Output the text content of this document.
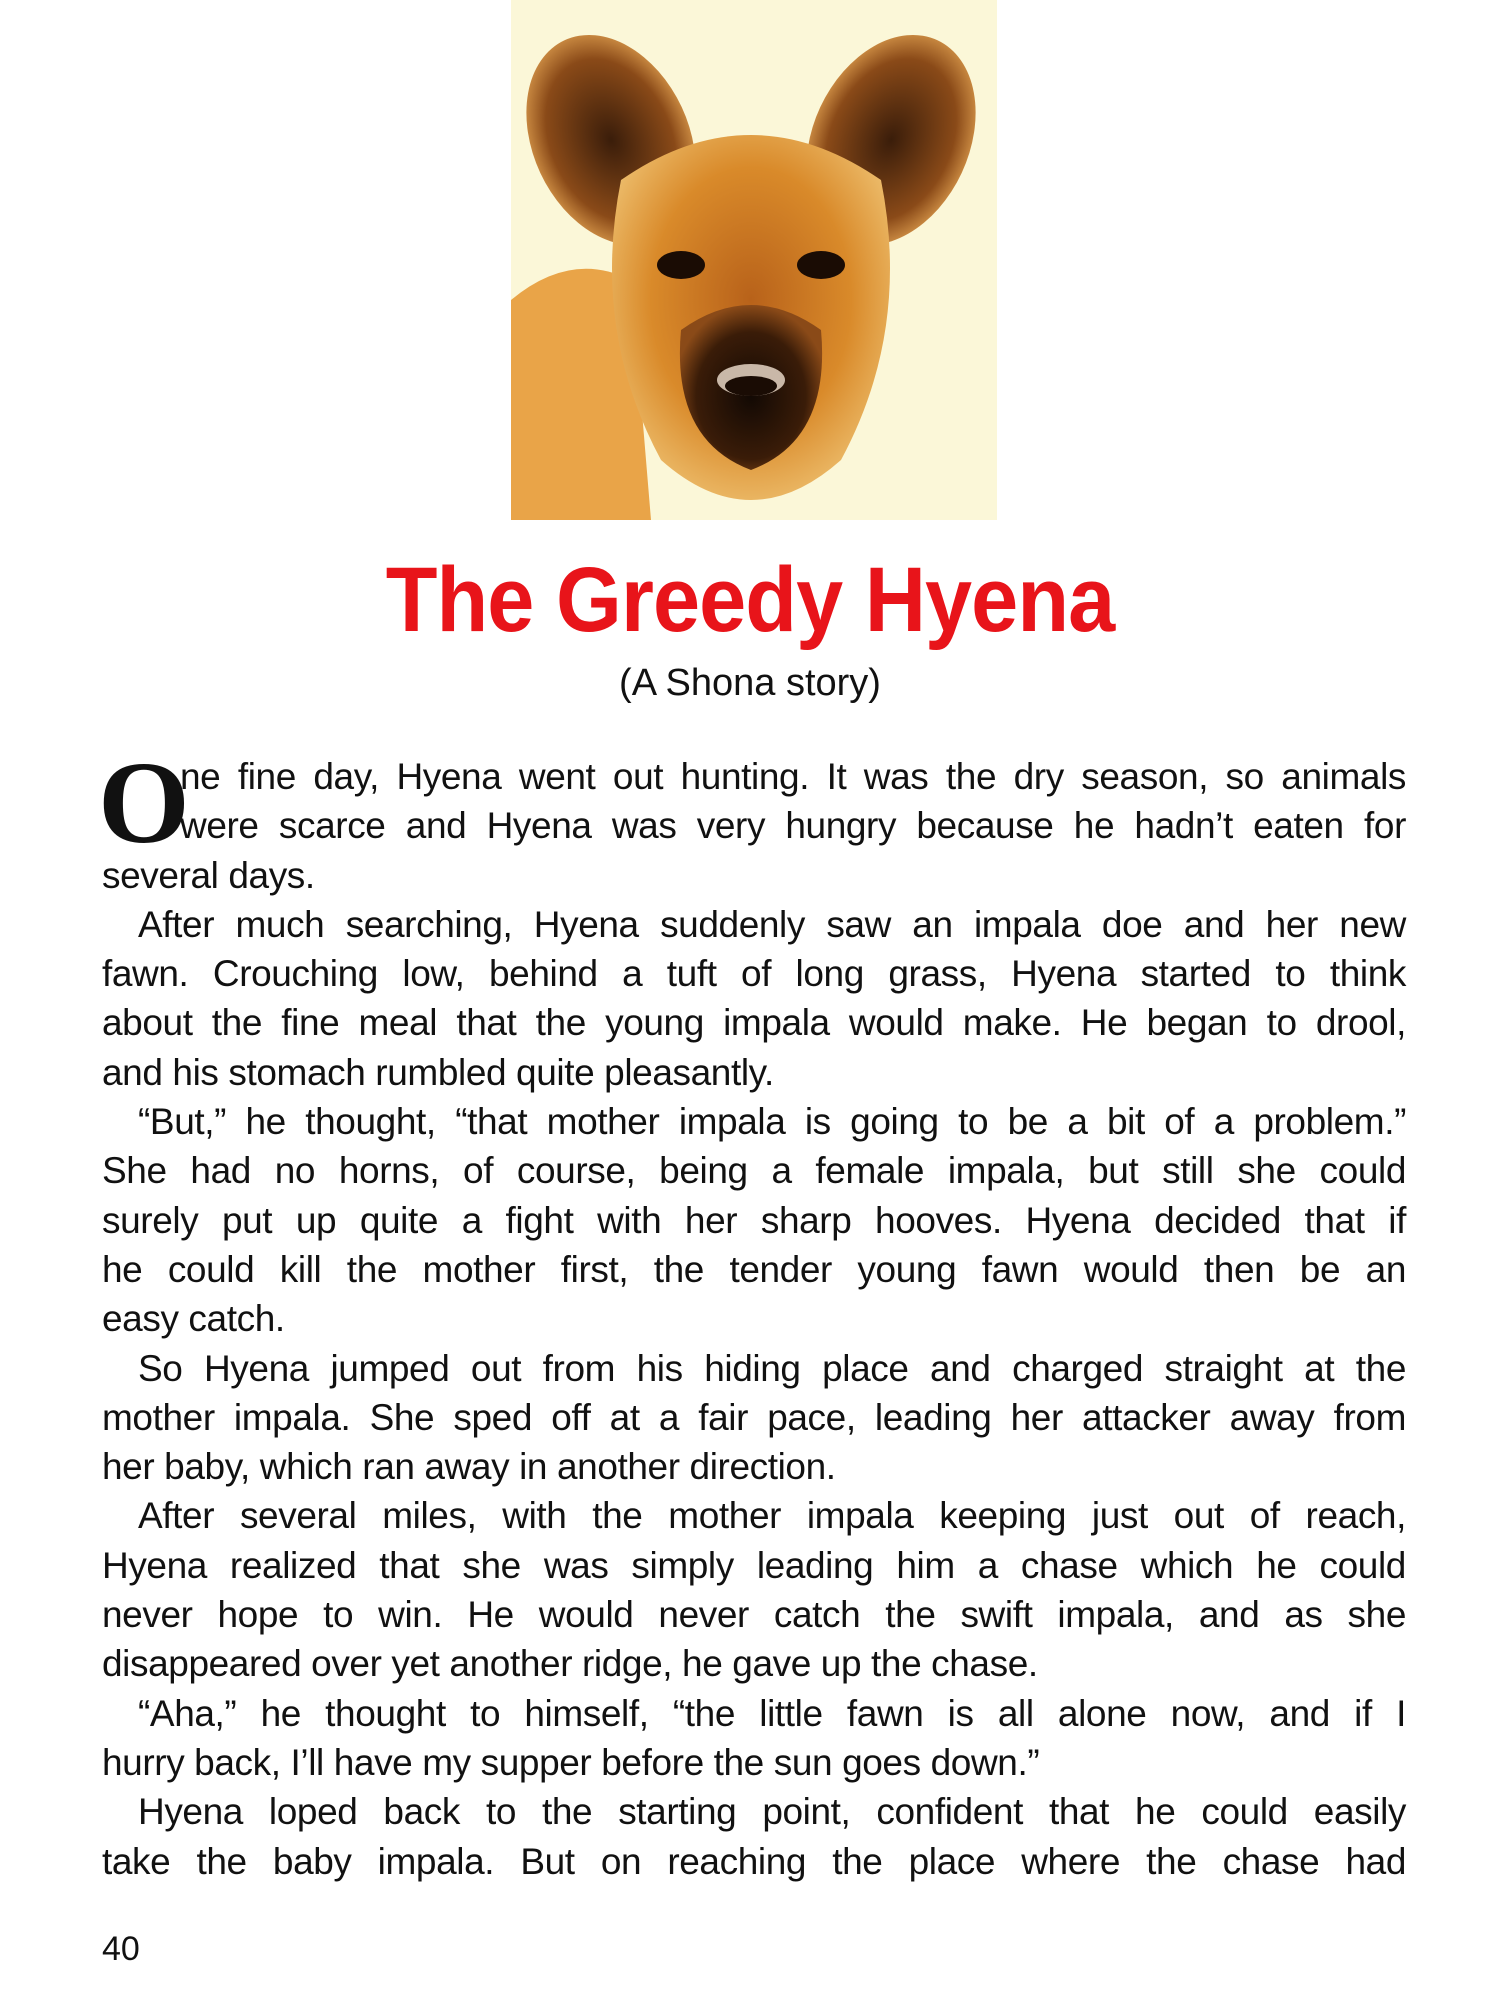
The Greedy Hyena
(A Shona story)
O
ne fine day, Hyena went out hunting. It was the dry season, so animals
were scarce and Hyena was very hungry because he hadn’t eaten for
several days.
After much searching, Hyena suddenly saw an impala doe and her new
fawn. Crouching low, behind a tuft of long grass, Hyena started to think
about the fine meal that the young impala would make. He began to drool,
and his stomach rumbled quite pleasantly.
“But,” he thought, “that mother impala is going to be a bit of a problem.”
She had no horns, of course, being a female impala, but still she could
surely put up quite a fight with her sharp hooves. Hyena decided that if
he could kill the mother first, the tender young fawn would then be an
easy catch.
So Hyena jumped out from his hiding place and charged straight at the
mother impala. She sped off at a fair pace, leading her attacker away from
her baby, which ran away in another direction.
After several miles, with the mother impala keeping just out of reach,
Hyena realized that she was simply leading him a chase which he could
never hope to win. He would never catch the swift impala, and as she
disappeared over yet another ridge, he gave up the chase.
“Aha,” he thought to himself, “the little fawn is all alone now, and if I
hurry back, I’ll have my supper before the sun goes down.”
Hyena loped back to the starting point, confident that he could easily
take the baby impala. But on reaching the place where the chase had
40
